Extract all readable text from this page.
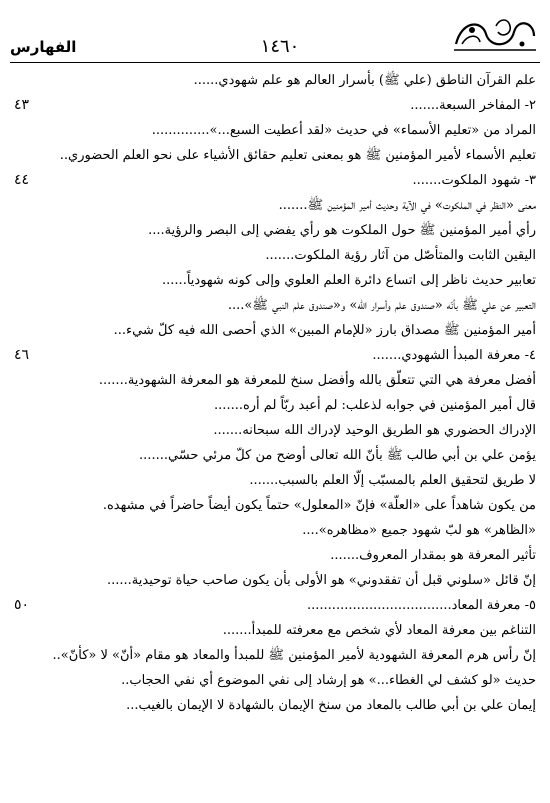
الفهارس	١٤٦٠
علم القرآن الناطق (علي ﷺ) بأسرار العالم هو علم شهودي......
٢- المفاخر السبعة.......
٤٣
المراد من «تعليم الأسماء» في حديث «لقد أعطيت السبع...»..............
تعليم الأسماء لأمير المؤمنين ﷺ هو بمعنى تعليم حقائق الأشياء على نحو العلم الحضوري..
٣- شهود الملكوت.......
٤٤
معنى «النظر في الملكوت» في الآية وحديث أمير المؤمنين ﷺ.......
رأي أمير المؤمنين ﷺ حول الملكوت هو رأي يفضي إلى البصر والرؤية....
اليقين الثابت والمتأصّل من آثار رؤية الملكوت.......
تعابير حديث ناظر إلى اتساع دائرة العلم العلوي وإلى كونه شهودياً......
التعبير عن علي ﷺ بأنّه «صندوق علم وأسرار الله» و«صندوق علم النبي ﷺ»....
أمير المؤمنين ﷺ مصداق بارز «للإمام المبين» الذي أحصى الله فيه كلّ شيء...
٤- معرفة المبدأ الشهودي.......
٤٦
أفضل معرفة هي التي تتعلّق بالله وأفضل سنخ للمعرفة هو المعرفة الشهودية.......
قال أمير المؤمنين في جوابه لذعلب: لم أعبد ربّاً لم أره.......
الإدراك الحضوري هو الطريق الوحيد لإدراك الله سبحانه.......
يؤمن علي بن أبي طالب ﷺ بأنّ الله تعالى أوضح من كلّ مرئي حسّي.......
لا طريق لتحقيق العلم بالمسبّب إلّا العلم بالسبب.......
من يكون شاهداً على «العلّة» فإنّ «المعلول» حتماً يكون أيضاً حاضراً في مشهده.
«الظاهر» هو لبّ شهود جميع «مظاهره»....
تأثير المعرفة هو بمقدار المعروف.......
إنّ قائل «سلوني قبل أن تفقدوني» هو الأولى بأن يكون صاحب حياة توحيدية......
٥- معرفة المعاد...................................
٥٠
التناغم بين معرفة المعاد لأي شخص مع معرفته للمبدأ.......
إنّ رأس هرم المعرفة الشهودية لأمير المؤمنين ﷺ للمبدأ والمعاد هو مقام «أنّ» لا «كأنّ»..
حديث «لو كشف لي الغطاء...» هو إرشاد إلى نفي الموضوع أي نفي الحجاب..
إيمان علي بن أبي طالب بالمعاد من سنخ الإيمان بالشهادة لا الإيمان بالغيب...
